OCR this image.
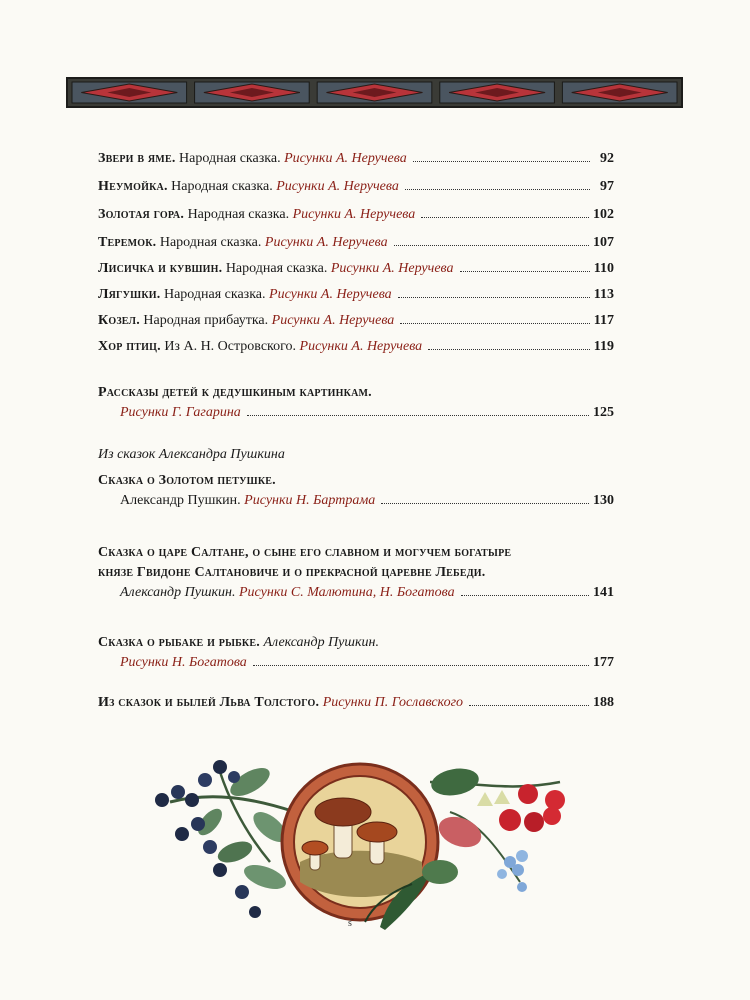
Звери в яме. Народная сказка. Рисунки А. Неручева	92
Неумойка. Народная сказка. Рисунки А. Неручева	97
Золотая гора. Народная сказка. Рисунки А. Неручева	102
Теремок. Народная сказка. Рисунки А. Неручева	107
Лисичка и кувшин. Народная сказка. Рисунки А. Неручева	110
Лягушки. Народная сказка. Рисунки А. Неручева	113
Козел. Народная прибаутка. Рисунки А. Неручева	117
Хор птиц. Из А. Н. Островского. Рисунки А. Неручева	119
Рассказы детей к дедушкиным картинкам.
Рисунки Г. Гагарина	125
Из сказок Александра Пушкина
Сказка о Золотом петушке.
Александр Пушкин. Рисунки Н. Бартрама	130
Сказка о царе Салтане, о сыне его славном и могучем богатыре
князе Гвидоне Салтановиче и о прекрасной царевне Лебеди.
Александр Пушкин. Рисунки С. Малютина, Н. Богатова	141
Сказка о рыбаке и рыбке. Александр Пушкин.
Рисунки Н. Богатова	177
Из сказок и былей Льва Толстого. Рисунки П. Гославского	188
ѕ҃
